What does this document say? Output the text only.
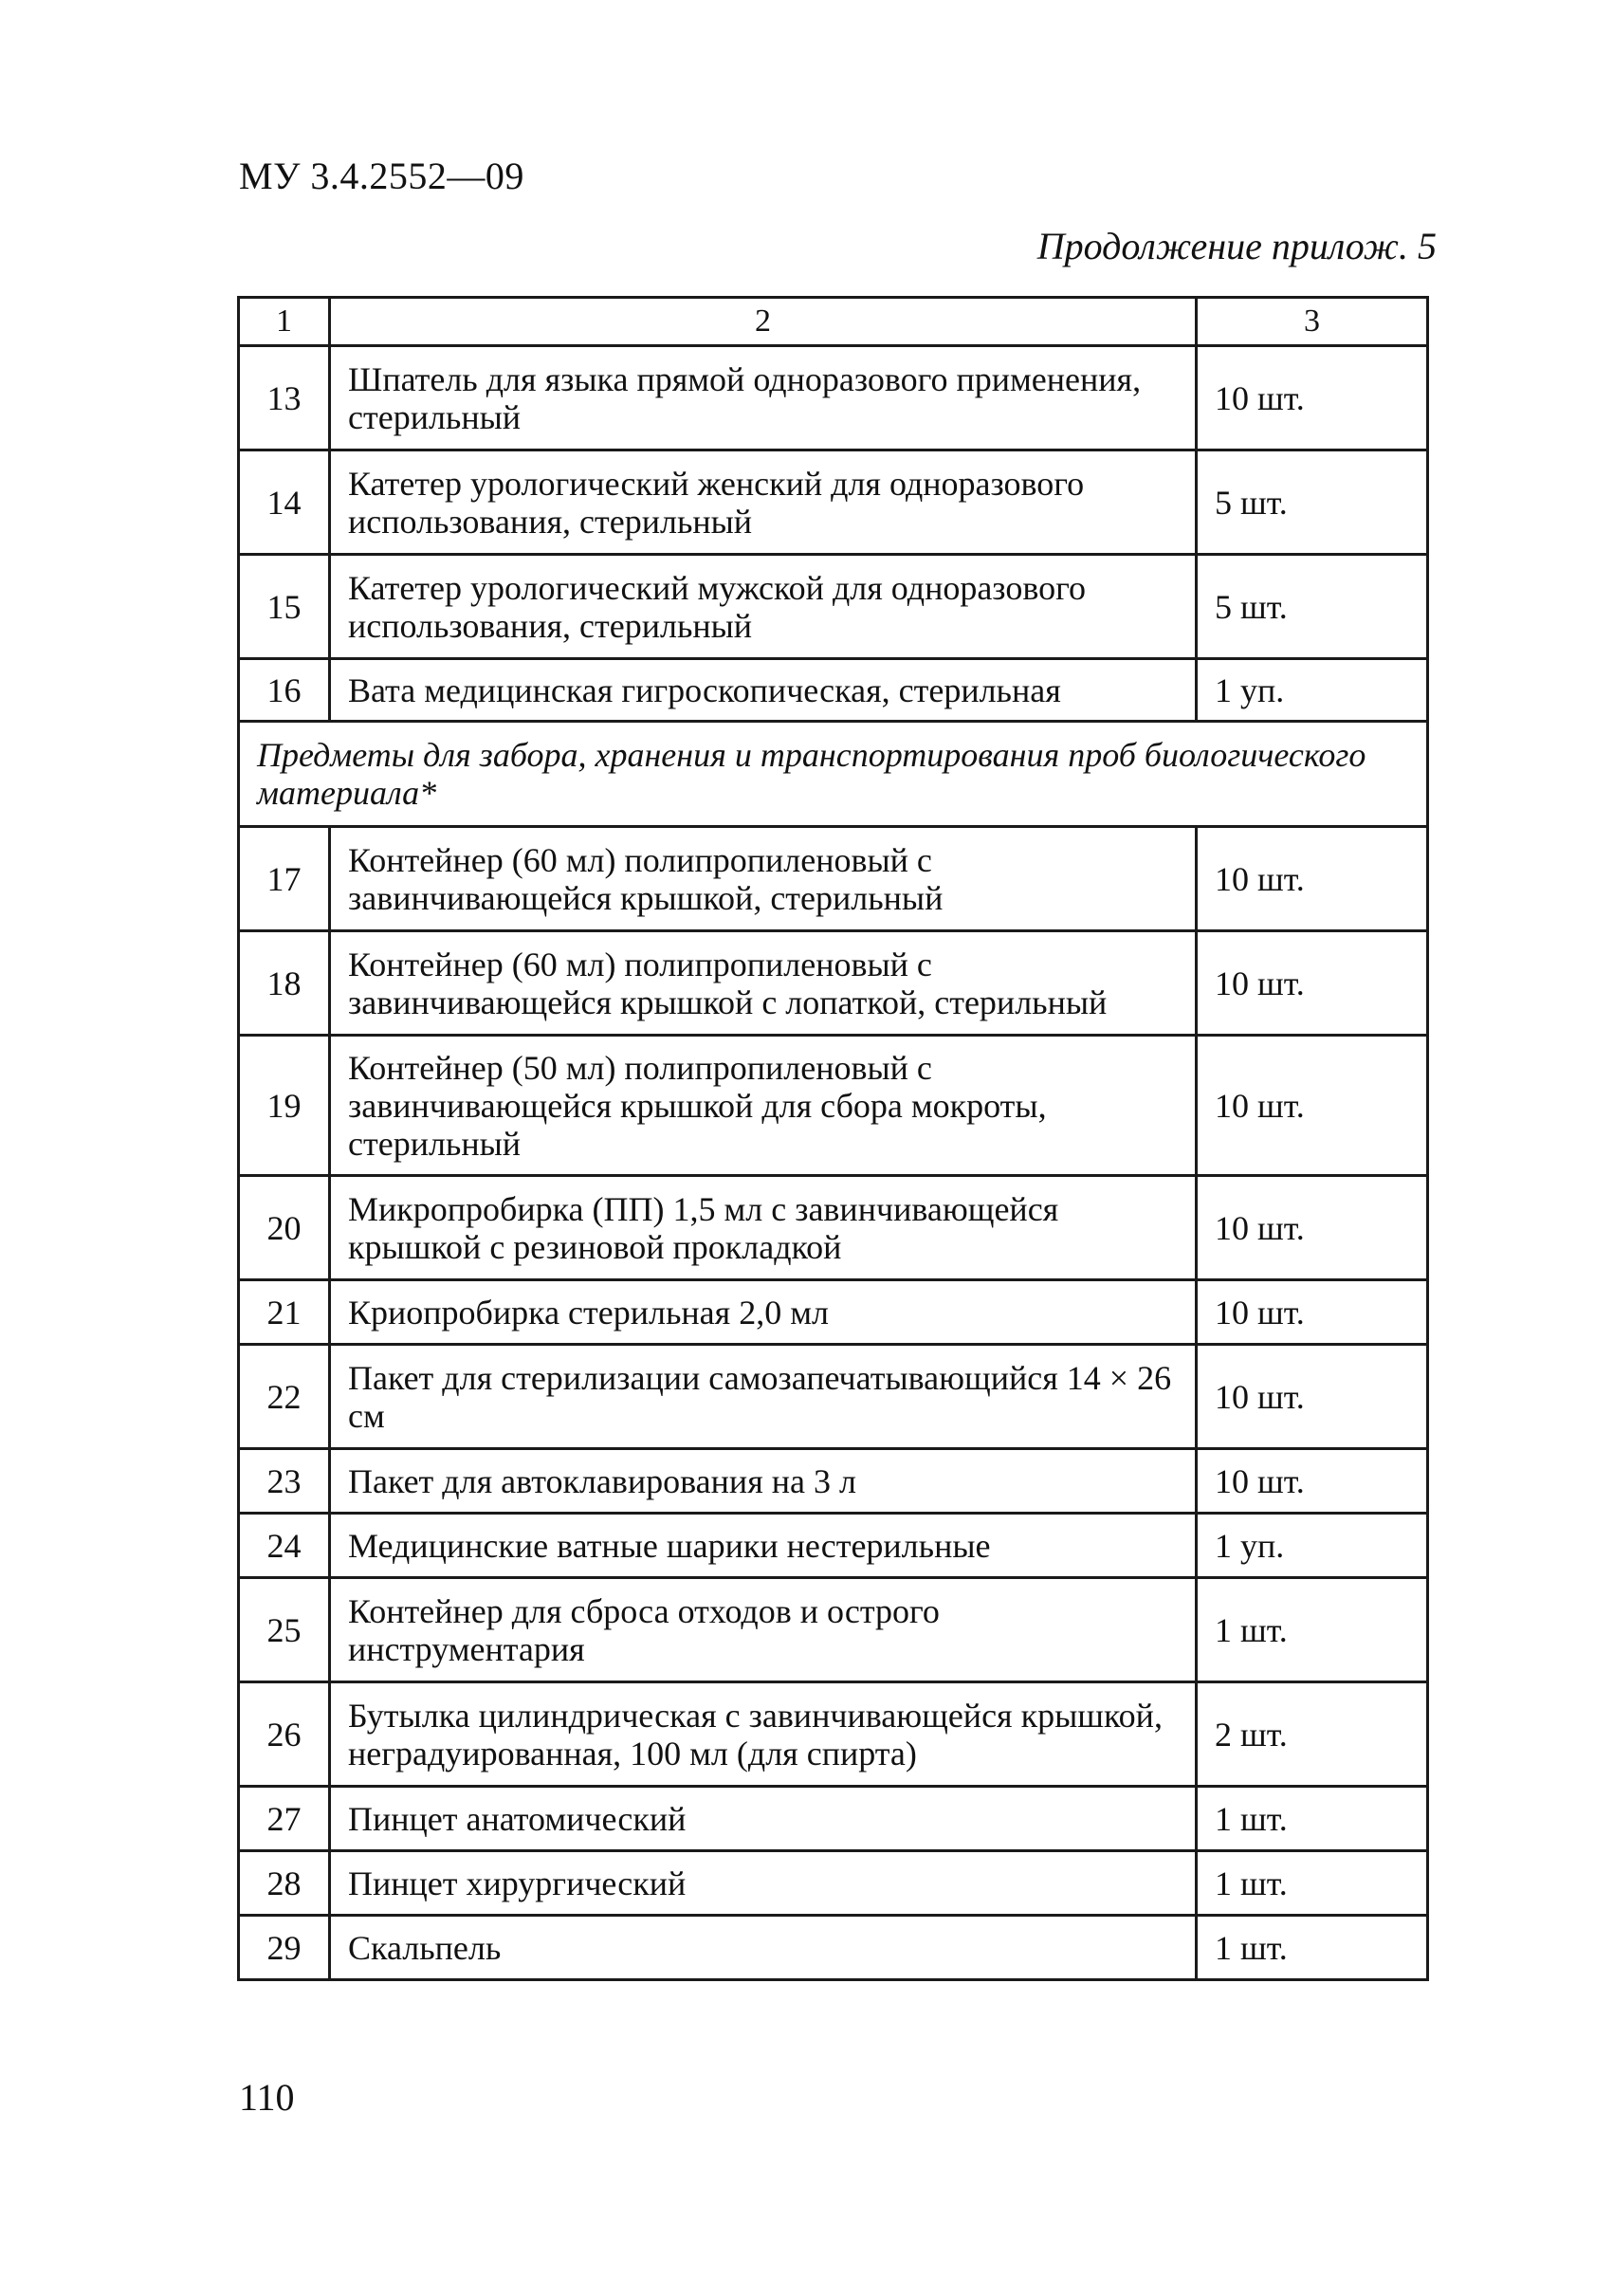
МУ 3.4.2552—09
Продолжение прилож. 5
1	2	3
13	Шпатель для языка прямой одноразового применения, стерильный	10 шт.
14	Катетер урологический женский для одноразового использования, стерильный	5 шт.
15	Катетер урологический мужской для одноразового использования, стерильный	5 шт.
16	Вата медицинская гигроскопическая, стерильная	1 уп.
Предметы для забора, хранения и транспортирования проб биологического материала*		
17	Контейнер (60 мл) полипропиленовый с завинчивающейся крышкой, стерильный	10 шт.
18	Контейнер (60 мл) полипропиленовый с завинчивающейся крышкой с лопаткой, стерильный	10 шт.
19	Контейнер (50 мл) полипропиленовый с завинчивающейся крышкой для сбора мокроты, стерильный	10 шт.
20	Микропробирка (ПП) 1,5 мл с завинчивающейся крышкой с резиновой прокладкой	10 шт.
21	Криопробирка стерильная 2,0 мл	10 шт.
22	Пакет для стерилизации самозапечатывающийся 14 × 26 см	10 шт.
23	Пакет для автоклавирования на 3 л	10 шт.
24	Медицинские ватные шарики нестерильные	1 уп.
25	Контейнер для сброса отходов и острого инструментария	1 шт.
26	Бутылка цилиндрическая с завинчивающейся крышкой, неградуированная, 100 мл (для спирта)	2 шт.
27	Пинцет анатомический	1 шт.
28	Пинцет хирургический	1 шт.
29	Скальпель	1 шт.
110
